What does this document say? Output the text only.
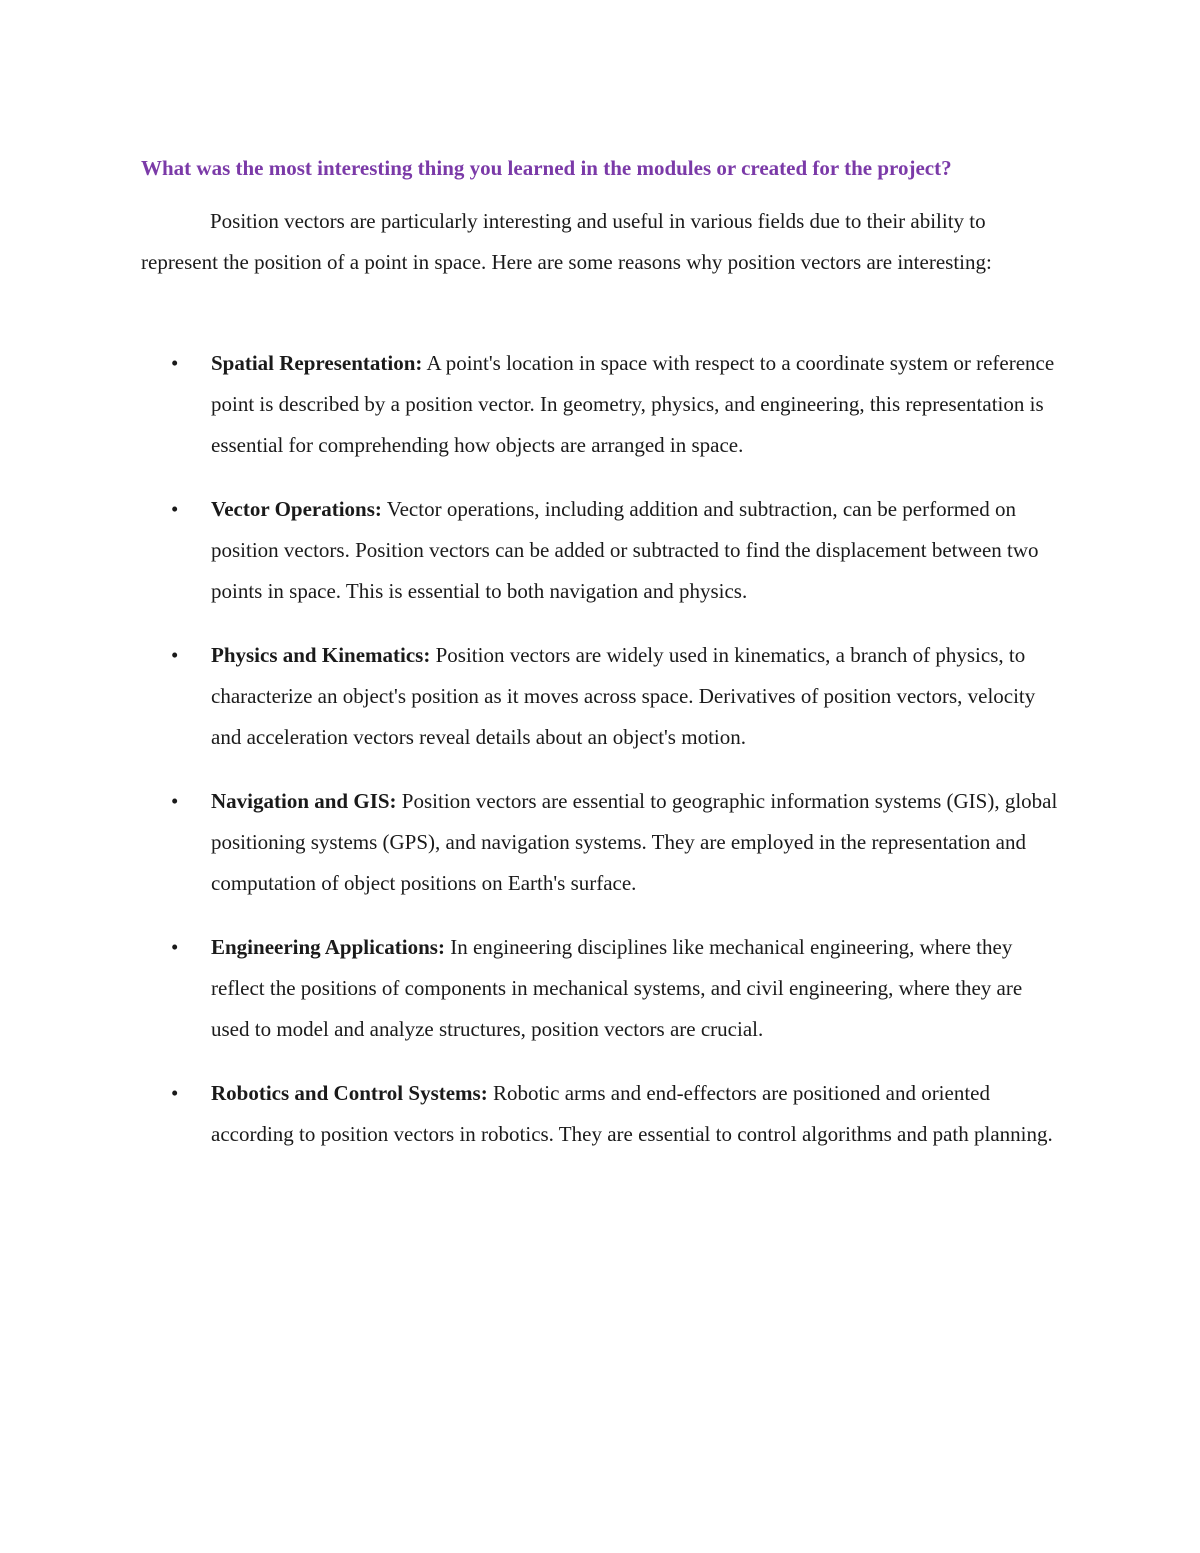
What was the most interesting thing you learned in the modules or created for the project?

Position vectors are particularly interesting and useful in various fields due to their ability to represent the position of a point in space. Here are some reasons why position vectors are interesting:

• Spatial Representation: A point's location in space with respect to a coordinate system or reference point is described by a position vector. In geometry, physics, and engineering, this representation is essential for comprehending how objects are arranged in space.
• Vector Operations: Vector operations, including addition and subtraction, can be performed on position vectors. Position vectors can be added or subtracted to find the displacement between two points in space. This is essential to both navigation and physics.
• Physics and Kinematics: Position vectors are widely used in kinematics, a branch of physics, to characterize an object's position as it moves across space. Derivatives of position vectors, velocity and acceleration vectors reveal details about an object's motion.
• Navigation and GIS: Position vectors are essential to geographic information systems (GIS), global positioning systems (GPS), and navigation systems. They are employed in the representation and computation of object positions on Earth's surface.
• Engineering Applications: In engineering disciplines like mechanical engineering, where they reflect the positions of components in mechanical systems, and civil engineering, where they are used to model and analyze structures, position vectors are crucial.
• Robotics and Control Systems: Robotic arms and end-effectors are positioned and oriented according to position vectors in robotics. They are essential to control algorithms and path planning.
